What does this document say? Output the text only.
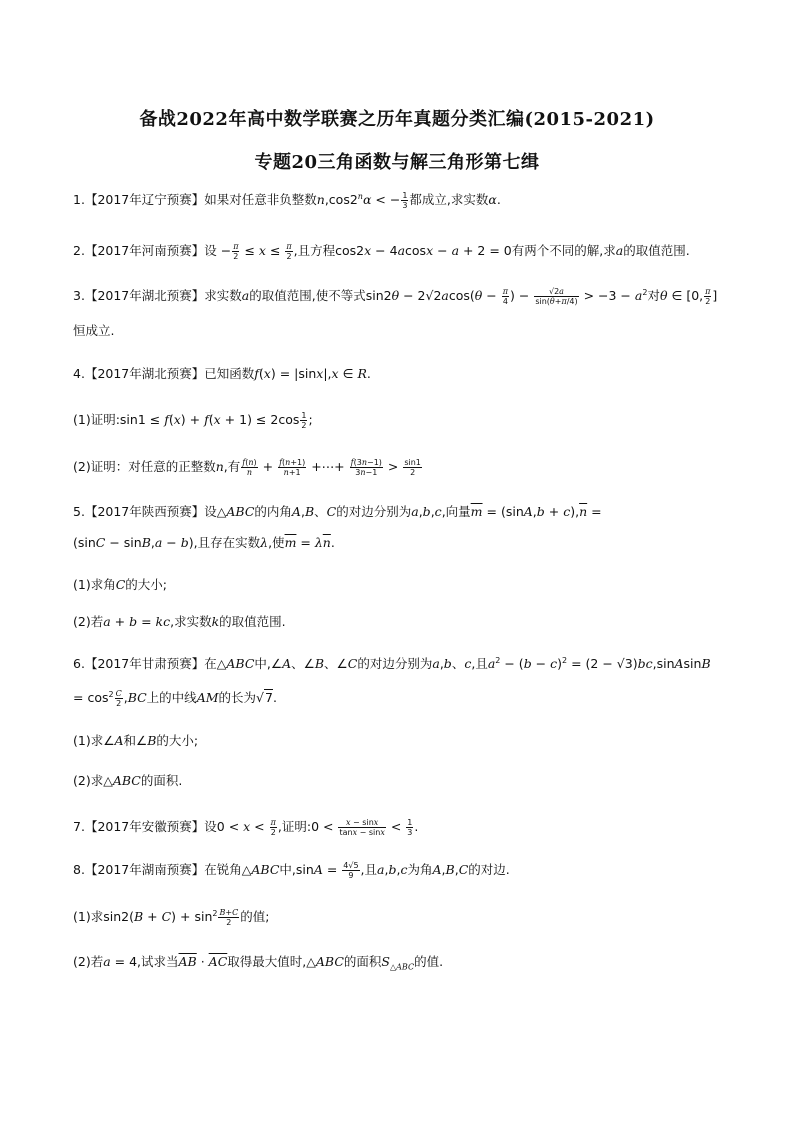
备战2022年高中数学联赛之历年真题分类汇编(2015-2021)
专题20三角函数与解三角形第七缉
1.【2017年辽宁预赛】如果对任意非负整数$n,\cos 2^n\alpha$ < − $\frac{1}{3}$ 都成立,求实数α.
2.【2017年河南预赛】设 − $\frac{\pi}{2} \le x \le \frac{\pi}{2}$ ,且方程cos2x − 4acosx − a + 2 = 0有两个不同的解,求a的取值范围.
3.【2017年湖北预赛】求实数a的取值范围,使不等式$\sin 2\theta - 2√2acos(\theta - \frac{\pi}{4}$ ) − $\frac{√2a}{\sin(\theta+\pi/4)} > -3 - a^2$对θ ∈ [0, $\frac{\pi}{2}$ ]
恒成立.
4.【2017年湖北预赛】已知函数f(x) = |sinx|,x ∈ R.
(1)证明:sin1 ≤ $f(x) + f(x + 1) \le 2\cos \frac{1}{2}$ ;
(2)证明：对任意的正整数n,有 $\frac{f(n)}{n} + \frac{f(n+1)}{n+1}$ +⋯+ $\frac{f(3n-1)}{3n-1} > \frac{\sin 1}{2}$
5.【2017年陕西预赛】设△ABC的内角A,B、C的对边分别为a,b,c,向量$\overline{m} = (\sin A,b + c),\overline{n}$ =
(sinC − sinB,a − b),且存在实数λ,使$\overline{m} = \lambda\overline{n}$.
(1)求角C的大小;
(2)若a + b = kc,求实数k的取值范围.
6.【2017年甘肃预赛】在△ABC中,∠A、∠B、∠C的对边分别为a,b、c,且$a^2 - (b - c)^2 = (2$ − √3)bc,sinAsinB
= $\cos^2 \frac{C}{2} ,BC$上的中线AM的长为√7.
(1)求∠A和∠B的大小;
(2)求△ABC的面积.
7.【2017年安徽预赛】设$0 < x < \frac{\pi}{2}$ ,证明:0 < $\frac{x - \sin x}{\tan x - \sin x} < \frac{1}{3}$ .
8.【2017年湖南预赛】在锐角△ABC中$,\sin A = \frac{4√5}{9}$ ,且a,b,c为角A,B,C的对边.
(1)求$\sin 2(B + C) + \sin^2 \frac{B+C}{2}$ 的值;
(2)若a = 4,试求当$\overline{AB} \cdot \overline{AC}$取得最大值时,△ABC的面积$S_{\triangle ABC}$的值.
